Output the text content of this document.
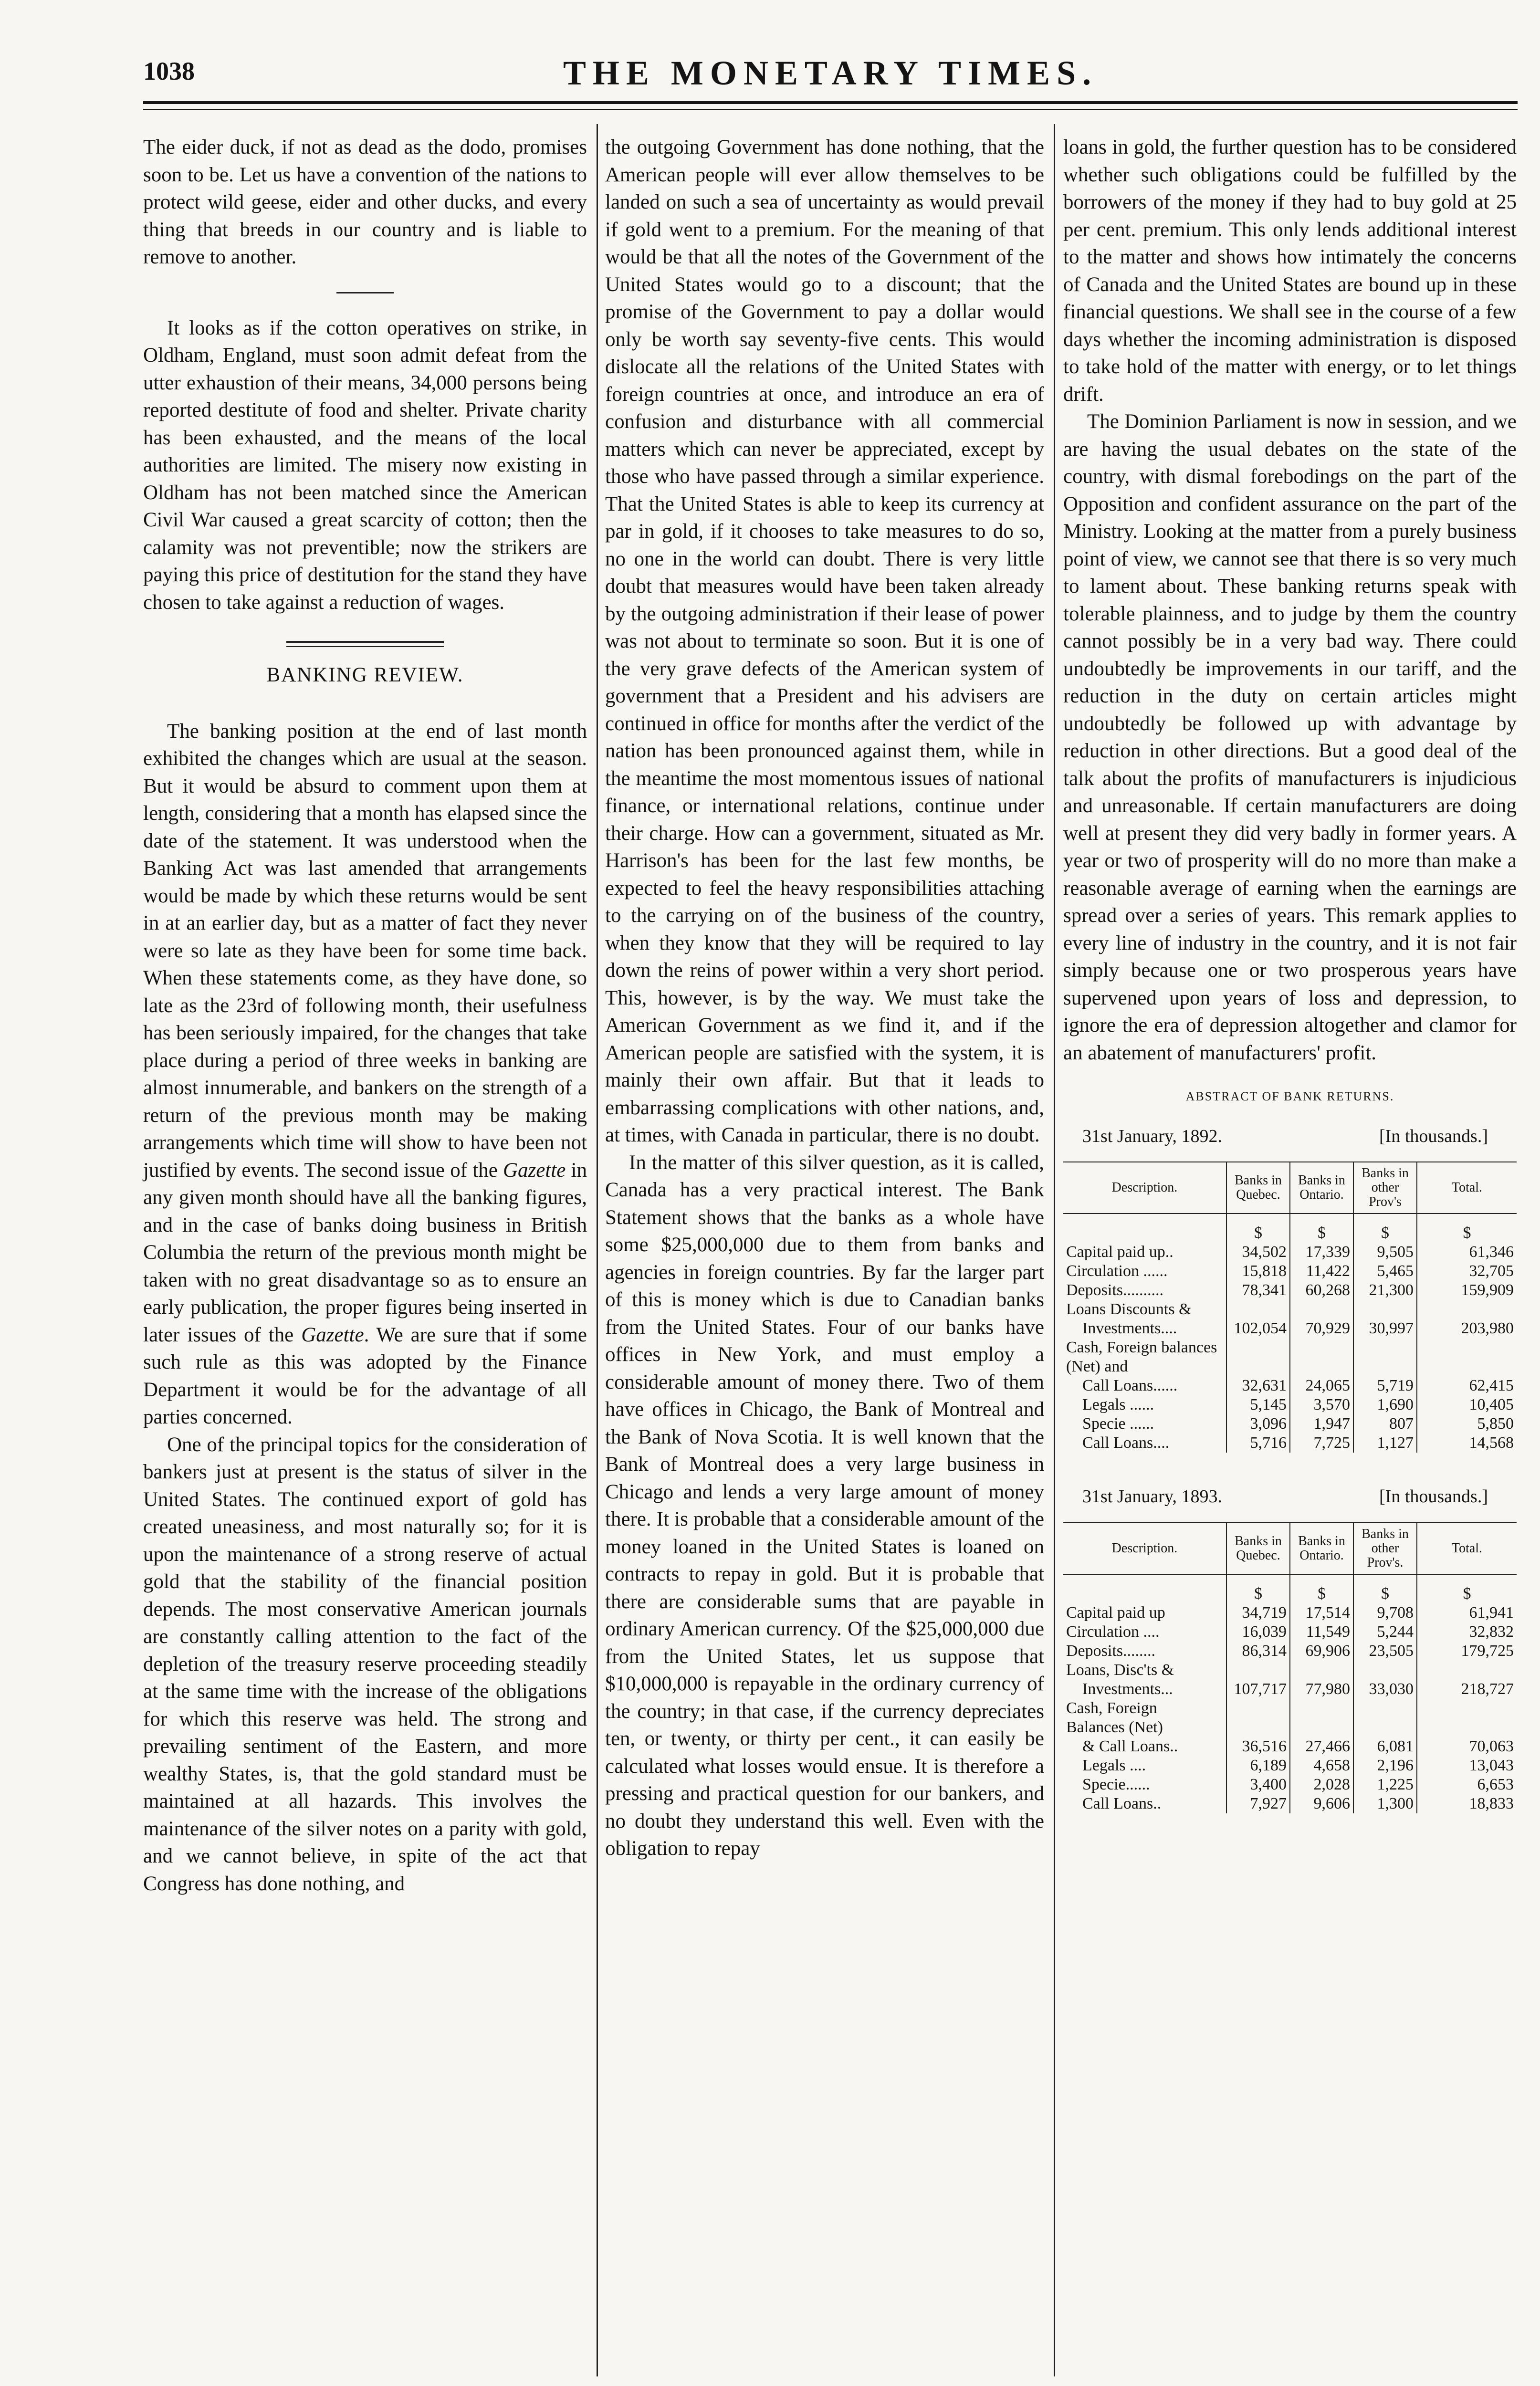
1038	THE MONETARY TIMES.

The eider duck, if not as dead as the dodo, promises soon to be. Let us have a convention of the nations to protect wild geese, eider and other ducks, and every thing that breeds in our country and is liable to remove to another.

It looks as if the cotton operatives on strike, in Oldham, England, must soon admit defeat from the utter exhaustion of their means, 34,000 persons being reported destitute of food and shelter. Private charity has been exhausted, and the means of the local authorities are limited. The misery now existing in Oldham has not been matched since the American Civil War caused a great scarcity of cotton; then the calamity was not preventible; now the strikers are paying this price of destitution for the stand they have chosen to take against a reduction of wages.

BANKING REVIEW.

The banking position at the end of last month exhibited the changes which are usual at the season. But it would be absurd to comment upon them at length, considering that a month has elapsed since the date of the statement. It was understood when the Banking Act was last amended that arrangements would be made by which these returns would be sent in at an earlier day, but as a matter of fact they never were so late as they have been for some time back. When these statements come, as they have done, so late as the 23rd of following month, their usefulness has been seriously impaired, for the changes that take place during a period of three weeks in banking are almost innumerable, and bankers on the strength of a return of the previous month may be making arrangements which time will show to have been not justified by events. The second issue of the Gazette in any given month should have all the banking figures, and in the case of banks doing business in British Columbia the return of the previous month might be taken with no great disadvantage so as to ensure an early publication, the proper figures being inserted in later issues of the Gazette. We are sure that if some such rule as this was adopted by the Finance Department it would be for the advantage of all parties concerned.

One of the principal topics for the consideration of bankers just at present is the status of silver in the United States. The continued export of gold has created uneasiness, and most naturally so; for it is upon the maintenance of a strong reserve of actual gold that the stability of the financial position depends. The most conservative American journals are constantly calling attention to the fact of the depletion of the treasury reserve proceeding steadily at the same time with the increase of the obligations for which this reserve was held. The strong and prevailing sentiment of the Eastern, and more wealthy States, is, that the gold standard must be maintained at all hazards. This involves the maintenance of the silver notes on a parity with gold, and we cannot believe, in spite of the act that Congress has done nothing, and

the outgoing Government has done nothing, that the American people will ever allow themselves to be landed on such a sea of uncertainty as would prevail if gold went to a premium. For the meaning of that would be that all the notes of the Government of the United States would go to a discount; that the promise of the Government to pay a dollar would only be worth say seventy-five cents. This would dislocate all the relations of the United States with foreign countries at once, and introduce an era of confusion and disturbance with all commercial matters which can never be appreciated, except by those who have passed through a similar experience. That the United States is able to keep its currency at par in gold, if it chooses to take measures to do so, no one in the world can doubt. There is very little doubt that measures would have been taken already by the outgoing administration if their lease of power was not about to terminate so soon. But it is one of the very grave defects of the American system of government that a President and his advisers are continued in office for months after the verdict of the nation has been pronounced against them, while in the meantime the most momentous issues of national finance, or international relations, continue under their charge. How can a government, situated as Mr. Harrison's has been for the last few months, be expected to feel the heavy responsibilities attaching to the carrying on of the business of the country, when they know that they will be required to lay down the reins of power within a very short period. This, however, is by the way. We must take the American Government as we find it, and if the American people are satisfied with the system, it is mainly their own affair. But that it leads to embarrassing complications with other nations, and, at times, with Canada in particular, there is no doubt.

In the matter of this silver question, as it is called, Canada has a very practical interest. The Bank Statement shows that the banks as a whole have some $25,000,000 due to them from banks and agencies in foreign countries. By far the larger part of this is money which is due to Canadian banks from the United States. Four of our banks have offices in New York, and must employ a considerable amount of money there. Two of them have offices in Chicago, the Bank of Montreal and the Bank of Nova Scotia. It is well known that the Bank of Montreal does a very large business in Chicago and lends a very large amount of money there. It is probable that a considerable amount of the money loaned in the United States is loaned on contracts to repay in gold. But it is probable that there are considerable sums that are payable in ordinary American currency. Of the $25,000,000 due from the United States, let us suppose that $10,000,000 is repayable in the ordinary currency of the country; in that case, if the currency depreciates ten, or twenty, or thirty per cent., it can easily be calculated what losses would ensue. It is therefore a pressing and practical question for our bankers, and no doubt they understand this well. Even with the obligation to repay

loans in gold, the further question has to be considered whether such obligations could be fulfilled by the borrowers of the money if they had to buy gold at 25 per cent. premium. This only lends additional interest to the matter and shows how intimately the concerns of Canada and the United States are bound up in these financial questions. We shall see in the course of a few days whether the incoming administration is disposed to take hold of the matter with energy, or to let things drift.

The Dominion Parliament is now in session, and we are having the usual debates on the state of the country, with dismal forebodings on the part of the Opposition and confident assurance on the part of the Ministry. Looking at the matter from a purely business point of view, we cannot see that there is so very much to lament about. These banking returns speak with tolerable plainness, and to judge by them the country cannot possibly be in a very bad way. There could undoubtedly be improvements in our tariff, and the reduction in the duty on certain articles might undoubtedly be followed up with advantage by reduction in other directions. But a good deal of the talk about the profits of manufacturers is injudicious and unreasonable. If certain manufacturers are doing well at present they did very badly in former years. A year or two of prosperity will do no more than make a reasonable average of earning when the earnings are spread over a series of years. This remark applies to every line of industry in the country, and it is not fair simply because one or two prosperous years have supervened upon years of loss and depression, to ignore the era of depression altogether and clamor for an abatement of manufacturers' profit.

ABSTRACT OF BANK RETURNS.
31st January, 1892.	[In thousands.]
Description.	Banks in Quebec.	Banks in Ontario.	Banks in other Prov's	Total.
	$	$	$	$
Capital paid up..	34,502	17,339	9,505	61,346
Circulation ......	15,818	11,422	5,465	32,705
Deposits..........	78,341	60,268	21,300	159,909
Loans Discounts &				
Investments....	102,054	70,929	30,997	203,980
Cash, Foreign balances (Net) and				
Call Loans......	32,631	24,065	5,719	62,415
Legals ......	5,145	3,570	1,690	10,405
Specie ......	3,096	1,947	807	5,850
Call Loans....	5,716	7,725	1,127	14,568
31st January, 1893.	[In thousands.]
Description.	Banks in Quebec.	Banks in Ontario.	Banks in other Prov's.	Total.
	$	$	$	$
Capital paid up	34,719	17,514	9,708	61,941
Circulation ....	16,039	11,549	5,244	32,832
Deposits........	86,314	69,906	23,505	179,725
Loans, Disc'ts &				
Investments...	107,717	77,980	33,030	218,727
Cash, Foreign				
Balances (Net)				
& Call Loans..	36,516	27,466	6,081	70,063
Legals ....	6,189	4,658	2,196	13,043
Specie......	3,400	2,028	1,225	6,653
Call Loans..	7,927	9,606	1,300	18,833
